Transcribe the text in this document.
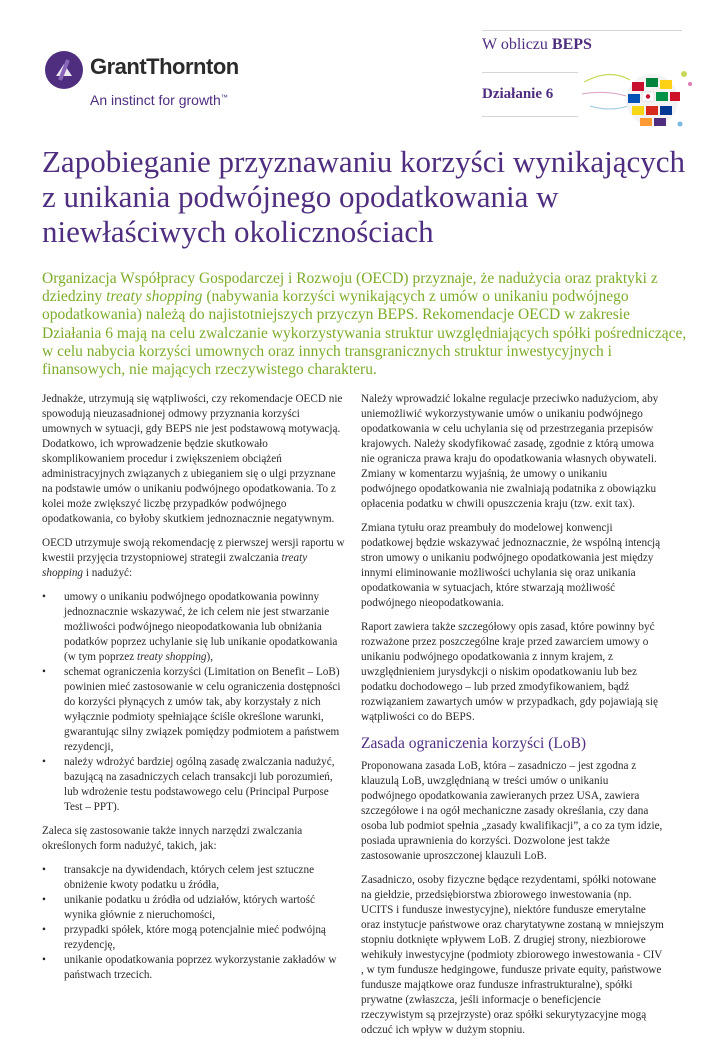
GrantThornton
An instinct for growth™
W obliczu BEPS
Działanie 6
Zapobieganie przyznawaniu korzyści wynikających z unikania podwójnego opodatkowania w niewłaściwych okolicznościach

Organizacja Współpracy Gospodarczej i Rozwoju (OECD) przyznaje, że nadużycia oraz praktyki z dziedziny treaty shopping (nabywania korzyści wynikających z umów o unikaniu podwójnego opodatkowania) należą do najistotniejszych przyczyn BEPS. Rekomendacje OECD w zakresie Działania 6 mają na celu zwalczanie wykorzystywania struktur uwzględniających spółki pośredniczące, w celu nabycia korzyści umownych oraz innych transgranicznych struktur inwestycyjnych i finansowych, nie mających rzeczywistego charakteru.

Jednakże, utrzymują się wątpliwości, czy rekomendacje OECD nie spowodują nieuzasadnionej odmowy przyznania korzyści umownych w sytuacji, gdy BEPS nie jest podstawową motywacją. Dodatkowo, ich wprowadzenie będzie skutkowało skomplikowaniem procedur i zwiększeniem obciążeń administracyjnych związanych z ubieganiem się o ulgi przyznane na podstawie umów o unikaniu podwójnego opodatkowania. To z kolei może zwiększyć liczbę przypadków podwójnego opodatkowania, co byłoby skutkiem jednoznacznie negatywnym.

OECD utrzymuje swoją rekomendację z pierwszej wersji raportu w kwestii przyjęcia trzystopniowej strategii zwalczania treaty shopping i nadużyć:

• umowy o unikaniu podwójnego opodatkowania powinny jednoznacznie wskazywać, że ich celem nie jest stwarzanie możliwości podwójnego nieopodatkowania lub obniżania podatków poprzez uchylanie się lub unikanie opodatkowania (w tym poprzez treaty shopping),
• schemat ograniczenia korzyści (Limitation on Benefit – LoB) powinien mieć zastosowanie w celu ograniczenia dostępności do korzyści płynących z umów tak, aby korzystały z nich wyłącznie podmioty spełniające ściśle określone warunki, gwarantując silny związek pomiędzy podmiotem a państwem rezydencji,
• należy wdrożyć bardziej ogólną zasadę zwalczania nadużyć, bazującą na zasadniczych celach transakcji lub porozumień, lub wdrożenie testu podstawowego celu (Principal Purpose Test – PPT).

Zaleca się zastosowanie także innych narzędzi zwalczania określonych form nadużyć, takich, jak:

• transakcje na dywidendach, których celem jest sztuczne obniżenie kwoty podatku u źródła,
• unikanie podatku u źródła od udziałów, których wartość wynika głównie z nieruchomości,
• przypadki spółek, które mogą potencjalnie mieć podwójną rezydencję,
• unikanie opodatkowania poprzez wykorzystanie zakładów w państwach trzecich.

Należy wprowadzić lokalne regulacje przeciwko nadużyciom, aby uniemożliwić wykorzystywanie umów o unikaniu podwójnego opodatkowania w celu uchylania się od przestrzegania przepisów krajowych. Należy skodyfikować zasadę, zgodnie z którą umowa nie ogranicza prawa kraju do opodatkowania własnych obywateli. Zmiany w komentarzu wyjaśnią, że umowy o unikaniu podwójnego opodatkowania nie zwalniają podatnika z obowiązku opłacenia podatku w chwili opuszczenia kraju (tzw. exit tax).

Zmiana tytułu oraz preambuły do modelowej konwencji podatkowej będzie wskazywać jednoznacznie, że wspólną intencją stron umowy o unikaniu podwójnego opodatkowania jest między innymi eliminowanie możliwości uchylania się oraz unikania opodatkowania w sytuacjach, które stwarzają możliwość podwójnego nieopodatkowania.

Raport zawiera także szczegółowy opis zasad, które powinny być rozważone przez poszczególne kraje przed zawarciem umowy o unikaniu podwójnego opodatkowania z innym krajem, z uwzględnieniem jurysdykcji o niskim opodatkowaniu lub bez podatku dochodowego – lub przed zmodyfikowaniem, bądź rozwiązaniem zawartych umów w przypadkach, gdy pojawiają się wątpliwości co do BEPS.

Zasada ograniczenia korzyści (LoB)

Proponowana zasada LoB, która – zasadniczo – jest zgodna z klauzulą LoB, uwzględnianą w treści umów o unikaniu podwójnego opodatkowania zawieranych przez USA, zawiera szczegółowe i na ogół mechaniczne zasady określania, czy dana osoba lub podmiot spełnia „zasady kwalifikacji”, a co za tym idzie, posiada uprawnienia do korzyści. Dozwolone jest także zastosowanie uproszczonej klauzuli LoB.

Zasadniczo, osoby fizyczne będące rezydentami, spółki notowane na giełdzie, przedsiębiorstwa zbiorowego inwestowania (np. UCITS i fundusze inwestycyjne), niektóre fundusze emerytalne oraz instytucje państwowe oraz charytatywne zostaną w mniejszym stopniu dotknięte wpływem LoB. Z drugiej strony, niezbiorowe wehikuły inwestycyjne (podmioty zbiorowego inwestowania - CIV , w tym fundusze hedgingowe, fundusze private equity, państwowe fundusze majątkowe oraz fundusze infrastrukturalne), spółki prywatne (zwłaszcza, jeśli informacje o beneficjencie rzeczywistym są przejrzyste) oraz spółki sekurytyzacyjne mogą odczuć ich wpływ w dużym stopniu.
